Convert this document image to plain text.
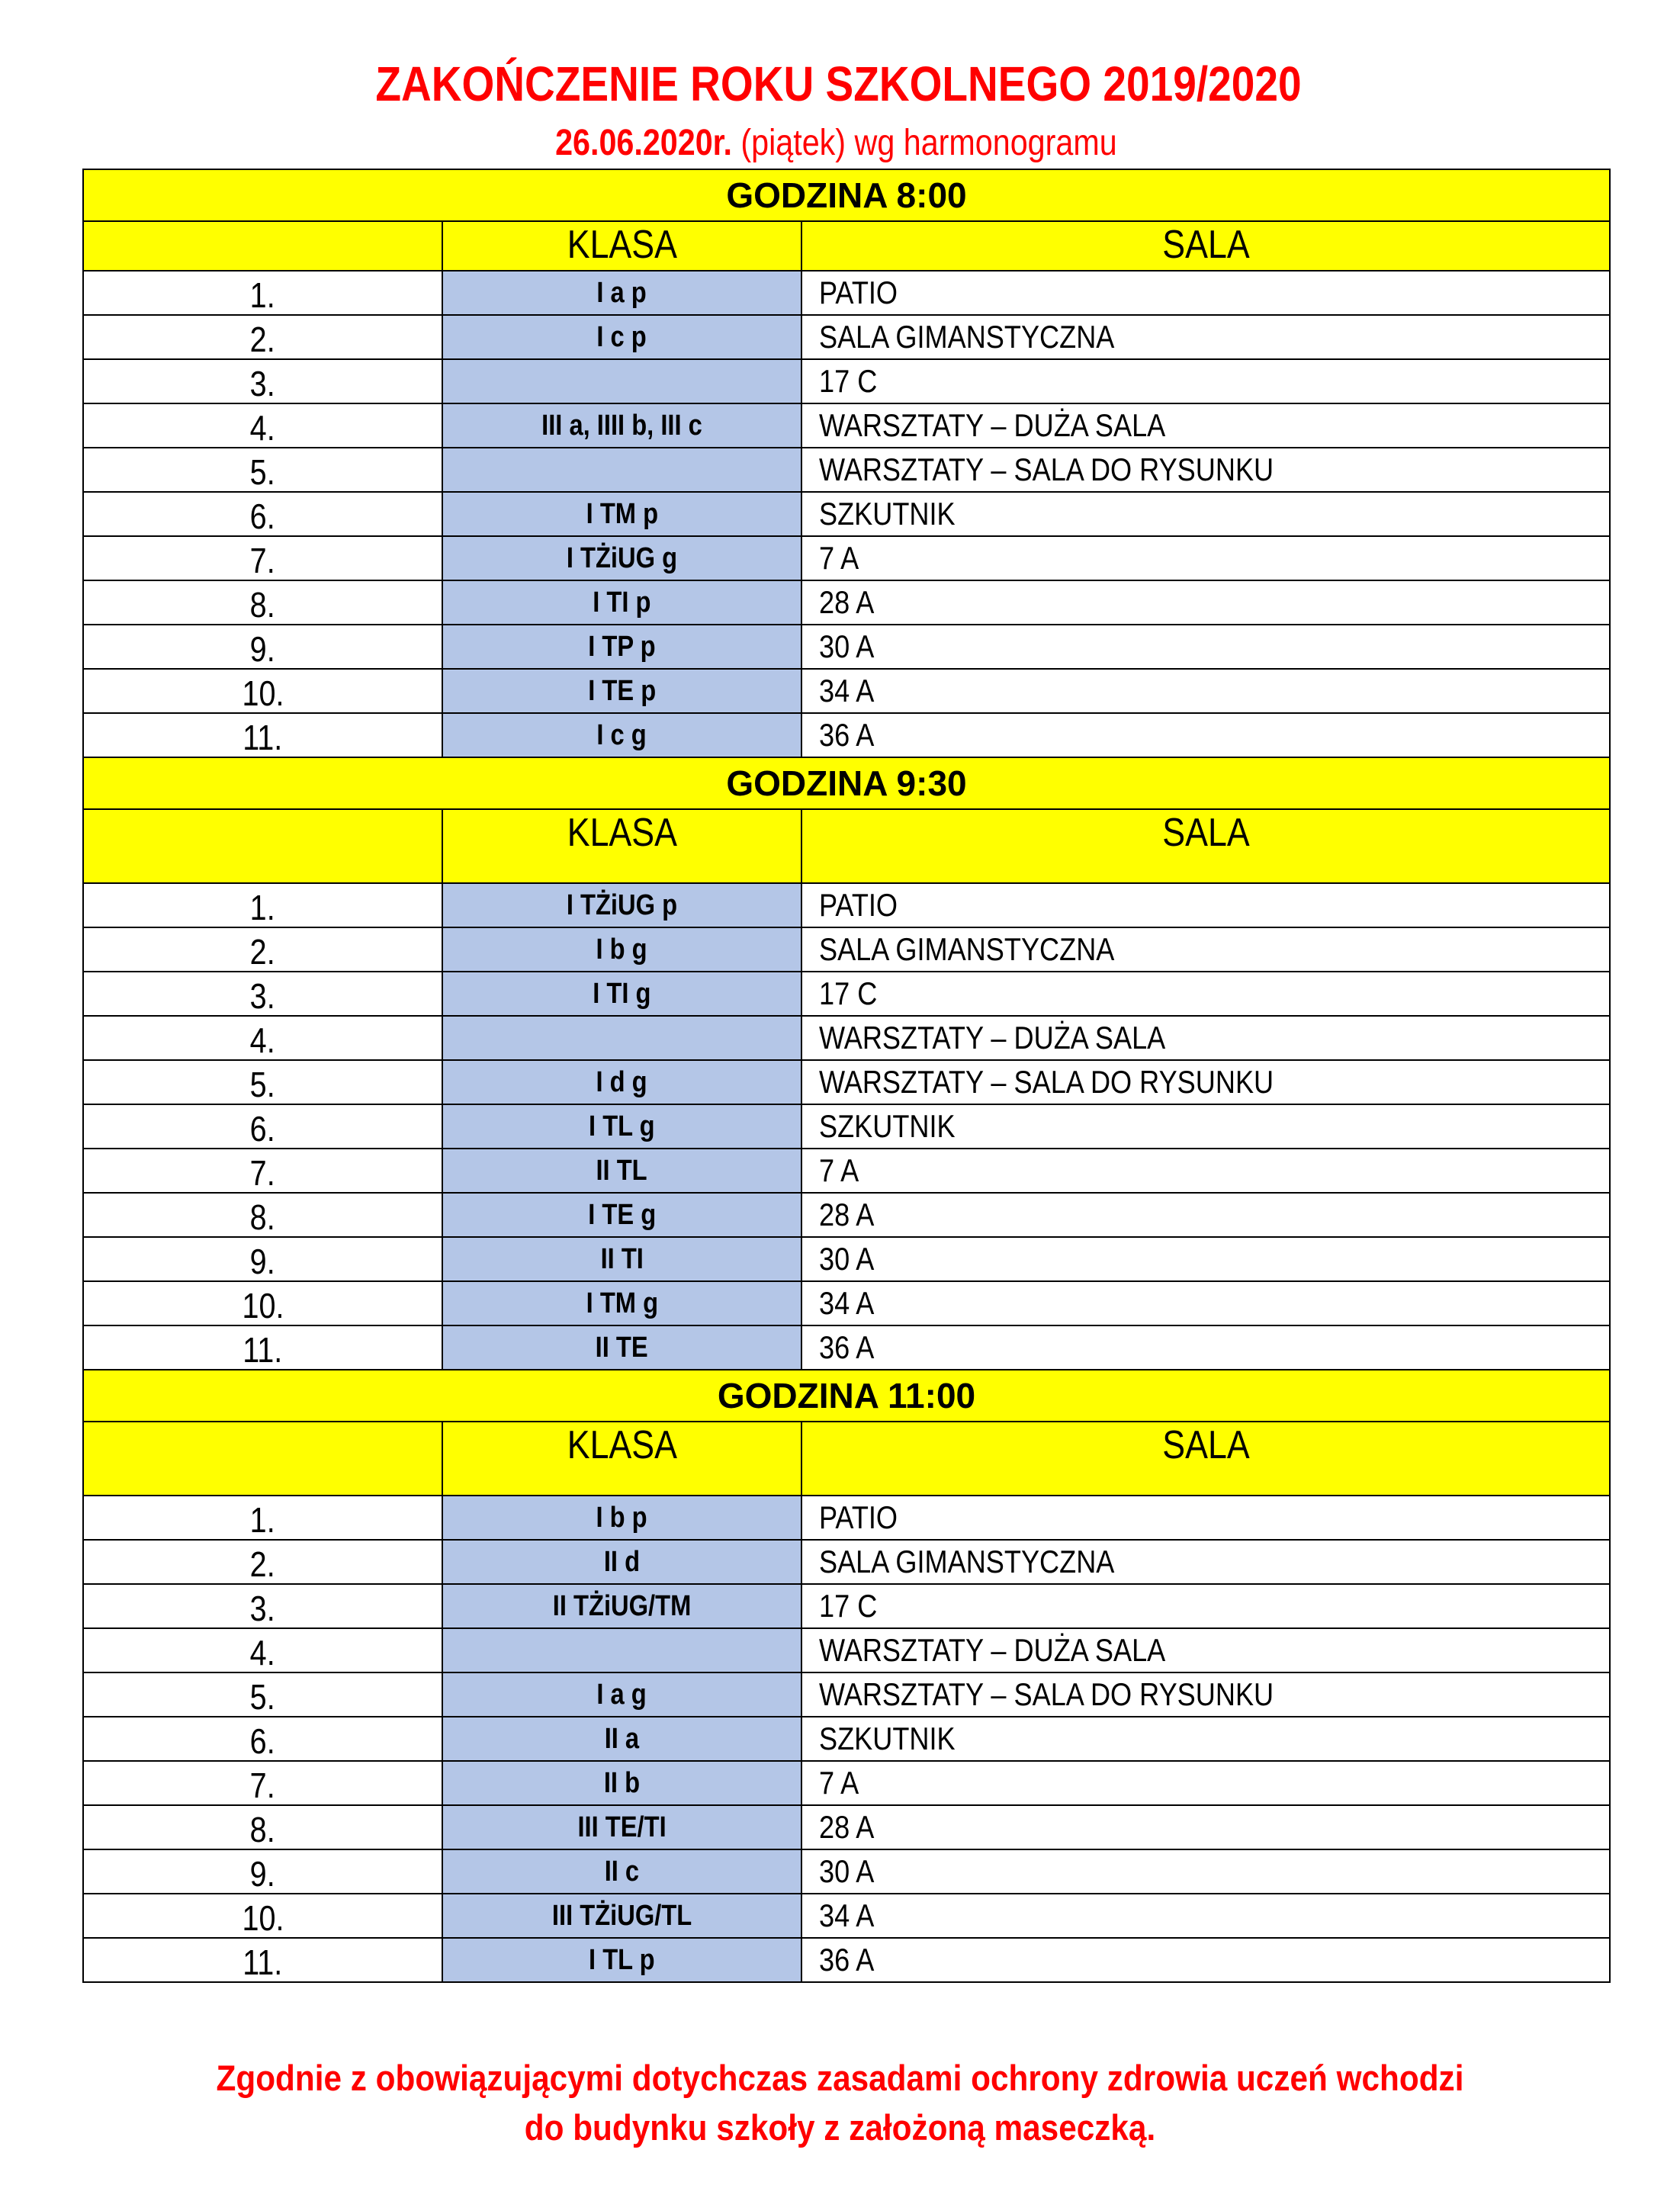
ZAKOŃCZENIE ROKU SZKOLNEGO 2019/2020
26.06.2020r. (piątek) wg harmonogramu
GODZINA 8:00		
	KLASA	SALA
1.	I a p	PATIO
2.	I c p	SALA GIMANSTYCZNA
3.		17 C
4.	III a, IIII b, III c	WARSZTATY – DUŻA SALA
5.		WARSZTATY – SALA DO RYSUNKU
6.	I TM p	SZKUTNIK
7.	I TŻiUG g	7 A
8.	I TI p	28 A
9.	I TP p	30 A
10.	I TE p	34 A
11.	I c g	36 A
GODZINA 9:30		
	KLASA	SALA
1.	I TŻiUG p	PATIO
2.	I b g	SALA GIMANSTYCZNA
3.	I TI g	17 C
4.		WARSZTATY – DUŻA SALA
5.	I d g	WARSZTATY – SALA DO RYSUNKU
6.	I TL g	SZKUTNIK
7.	II TL	7 A
8.	I TE g	28 A
9.	II TI	30 A
10.	I TM g	34 A
11.	II TE	36 A
GODZINA 11:00		
	KLASA	SALA
1.	I b p	PATIO
2.	II d	SALA GIMANSTYCZNA
3.	II TŻiUG/TM	17 C
4.		WARSZTATY – DUŻA SALA
5.	I a g	WARSZTATY – SALA DO RYSUNKU
6.	II a	SZKUTNIK
7.	II b	7 A
8.	III TE/TI	28 A
9.	II c	30 A
10.	III TŻiUG/TL	34 A
11.	I TL p	36 A
Zgodnie z obowiązującymi dotychczas zasadami ochrony zdrowia uczeń wchodzi
do budynku szkoły z założoną maseczką.
